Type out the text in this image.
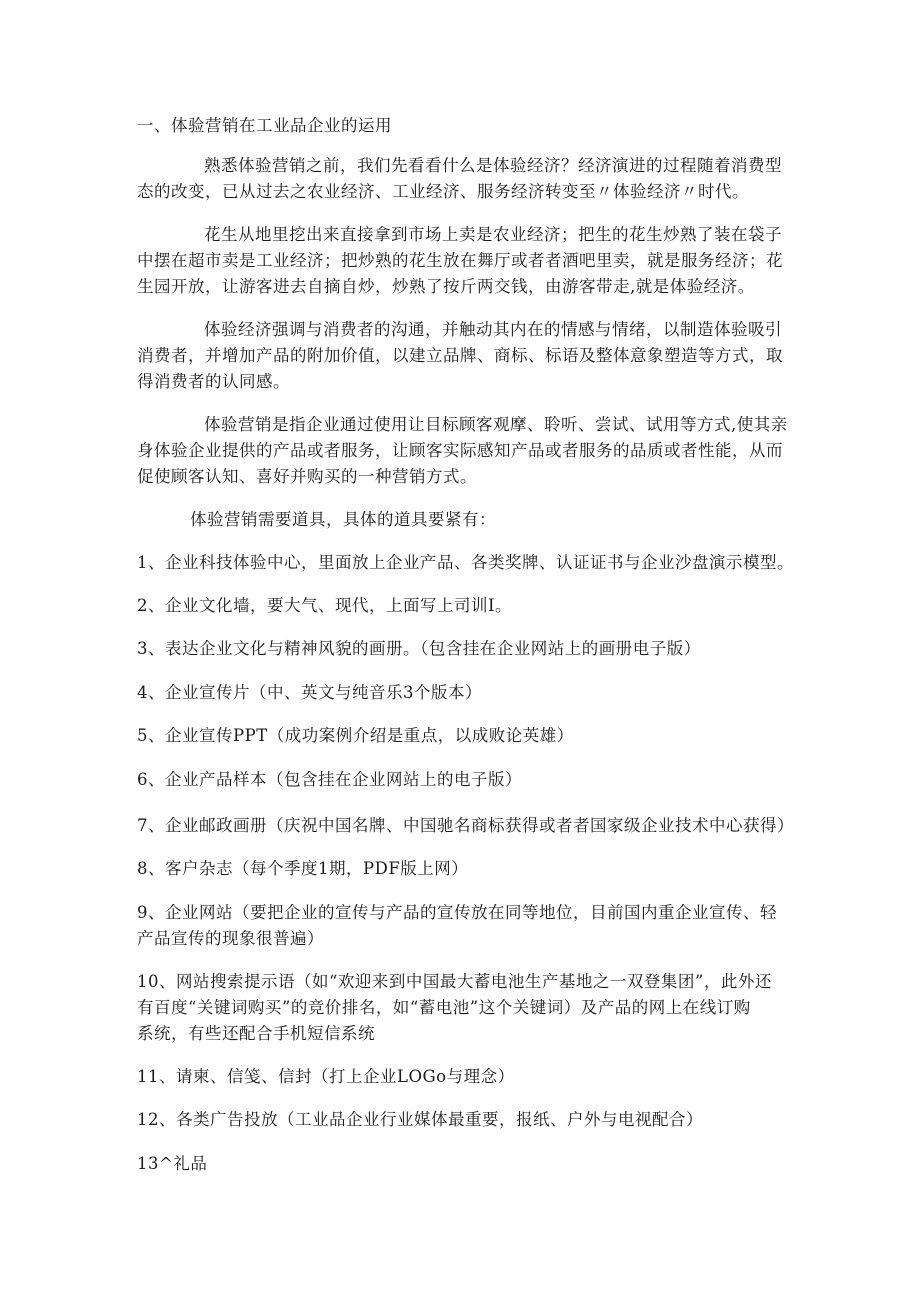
一、体验营销在工业品企业的运用
熟悉体验营销之前，我们先看看什么是体验经济？经济演进的过程随着消费型
态的改变，已从过去之农业经济、工业经济、服务经济转变至〃体验经济〃时代。
花生从地里挖出来直接拿到市场上卖是农业经济；把生的花生炒熟了装在袋子
中摆在超市卖是工业经济；把炒熟的花生放在舞厅或者者酒吧里卖，就是服务经济；花
生园开放，让游客进去自摘自炒，炒熟了按斤两交钱，由游客带走,就是体验经济。
体验经济强调与消费者的沟通，并触动其内在的情感与情绪，以制造体验吸引
消费者，并增加产品的附加价值，以建立品牌、商标、标语及整体意象塑造等方式，取
得消费者的认同感。
体验营销是指企业通过使用让目标顾客观摩、聆听、尝试、试用等方式,使其亲
身体验企业提供的产品或者服务，让顾客实际感知产品或者服务的品质或者性能，从而
促使顾客认知、喜好并购买的一种营销方式。
体验营销需要道具，具体的道具要紧有：
1、企业科技体验中心，里面放上企业产品、各类奖牌、认证证书与企业沙盘演示模型。
2、企业文化墙，要大气、现代，上面写上司训I。
3、表达企业文化与精神风貌的画册。（包含挂在企业网站上的画册电子版）
4、企业宣传片（中、英文与纯音乐3个版本）
5、企业宣传PPT（成功案例介绍是重点，以成败论英雄）
6、企业产品样本（包含挂在企业网站上的电子版）
7、企业邮政画册（庆祝中国名牌、中国驰名商标获得或者者国家级企业技术中心获得）
8、客户杂志（每个季度1期，PDF版上网）
9、企业网站（要把企业的宣传与产品的宣传放在同等地位，目前国内重企业宣传、轻
产品宣传的现象很普遍）
10、网站搜索提示语（如“欢迎来到中国最大蓄电池生产基地之一双登集团”，此外还
有百度“关键词购买”的竞价排名，如“蓄电池”这个关键词）及产品的网上在线订购
系统，有些还配合手机短信系统
11、请柬、信笺、信封（打上企业LOGo与理念）
12、各类广告投放（工业品企业行业媒体最重要，报纸、户外与电视配合）
13^礼品
